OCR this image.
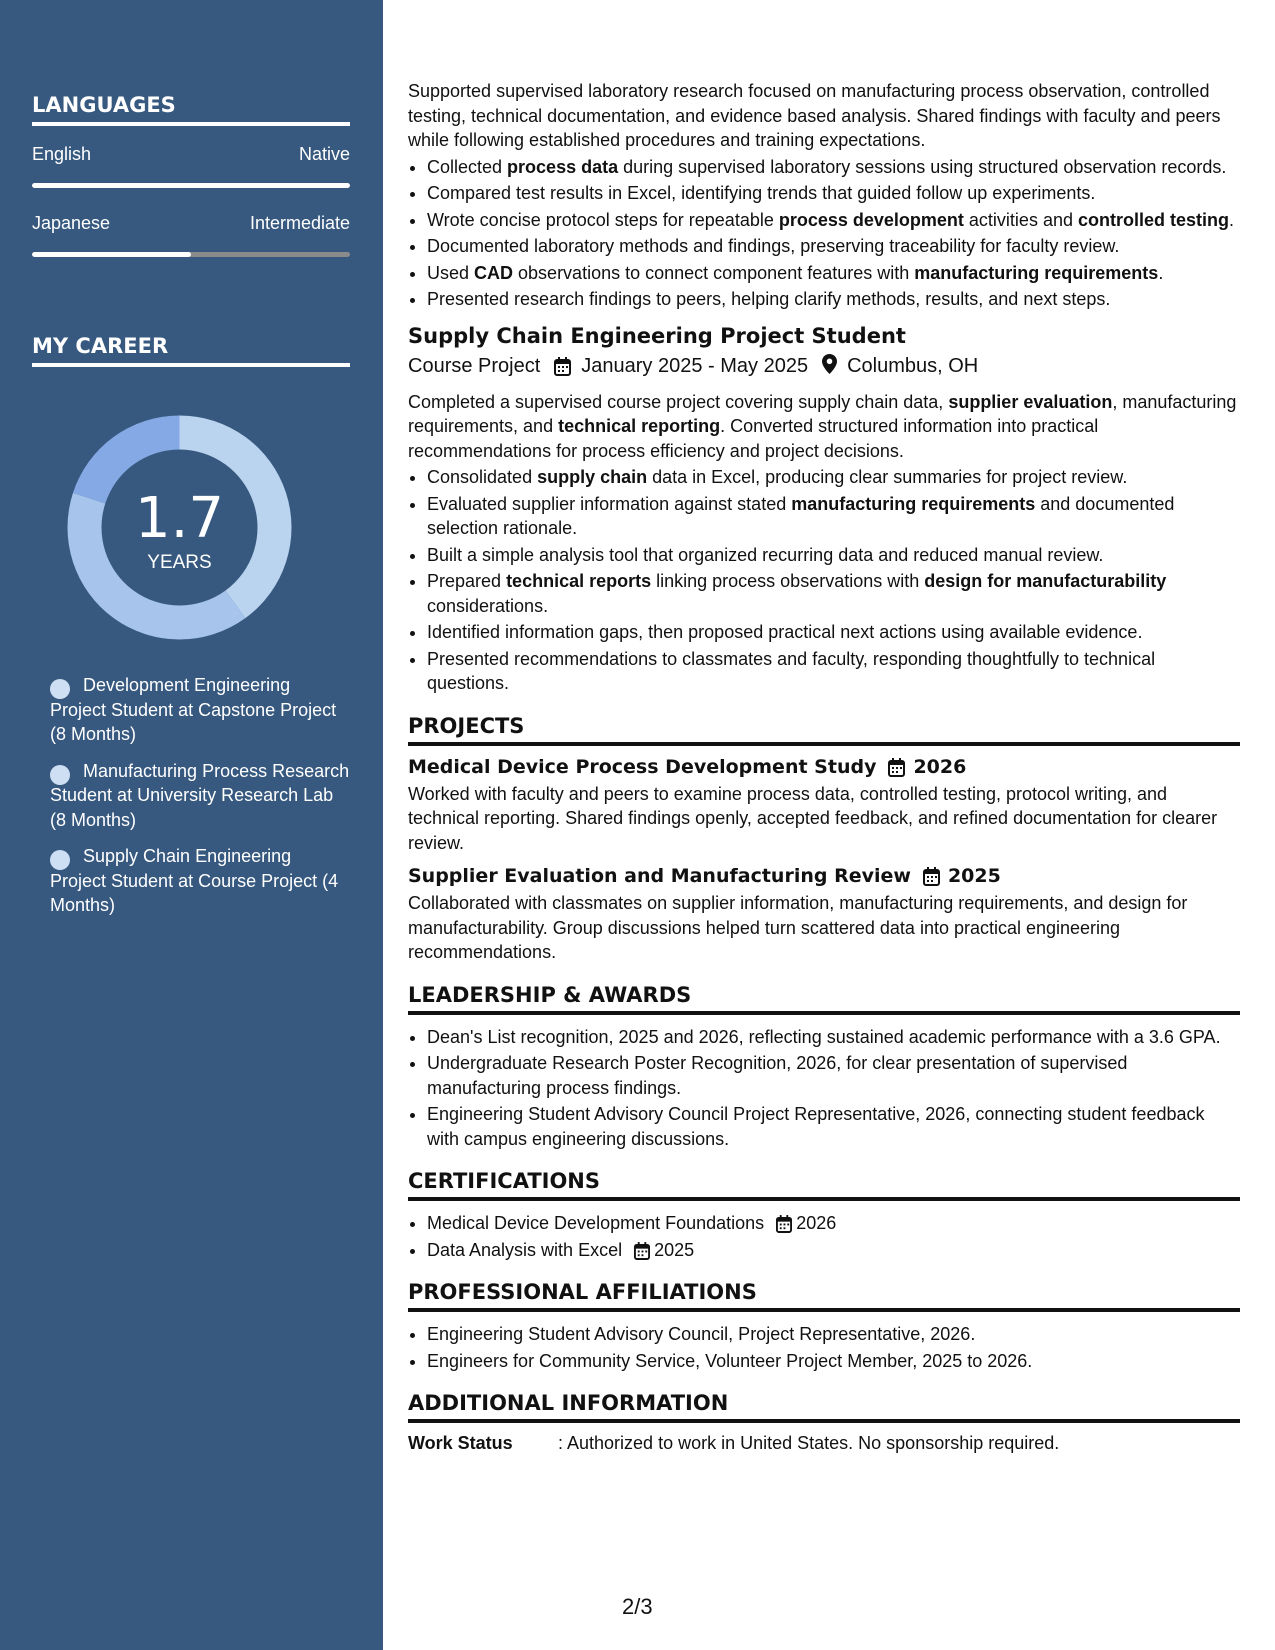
LANGUAGES
English	Native
Japanese	Intermediate
MY CAREER
1.7
YEARS
Development Engineering Project Student at Capstone Project (8 Months)
Manufacturing Process Research Student at University Research Lab (8 Months)
Supply Chain Engineering Project Student at Course Project (4 Months)

Supported supervised laboratory research focused on manufacturing process observation, controlled testing, technical documentation, and evidence based analysis. Shared findings with faculty and peers while following established procedures and training expectations.

• Collected process data during supervised laboratory sessions using structured observation records.
• Compared test results in Excel, identifying trends that guided follow up experiments.
• Wrote concise protocol steps for repeatable process development activities and controlled testing.
• Documented laboratory methods and findings, preserving traceability for faculty review.
• Used CAD observations to connect component features with manufacturing requirements.
• Presented research findings to peers, helping clarify methods, results, and next steps.
Supply Chain Engineering Project Student
Course Project January 2025 - May 2025 Columbus, OH

Completed a supervised course project covering supply chain data, supplier evaluation, manufacturing requirements, and technical reporting. Converted structured information into practical recommendations for process efficiency and project decisions.

• Consolidated supply chain data in Excel, producing clear summaries for project review.
• Evaluated supplier information against stated manufacturing requirements and documented selection rationale.
• Built a simple analysis tool that organized recurring data and reduced manual review.
• Prepared technical reports linking process observations with design for manufacturability considerations.
• Identified information gaps, then proposed practical next actions using available evidence.
• Presented recommendations to classmates and faculty, responding thoughtfully to technical questions.
PROJECTS
Medical Device Process Development Study 2026

Worked with faculty and peers to examine process data, controlled testing, protocol writing, and technical reporting. Shared findings openly, accepted feedback, and refined documentation for clearer review.

Supplier Evaluation and Manufacturing Review 2025

Collaborated with classmates on supplier information, manufacturing requirements, and design for manufacturability. Group discussions helped turn scattered data into practical engineering recommendations.

LEADERSHIP & AWARDS
• Dean's List recognition, 2025 and 2026, reflecting sustained academic performance with a 3.6 GPA.
• Undergraduate Research Poster Recognition, 2026, for clear presentation of supervised manufacturing process findings.
• Engineering Student Advisory Council Project Representative, 2026, connecting student feedback with campus engineering discussions.
CERTIFICATIONS
• Medical Device Development Foundations 2026
• Data Analysis with Excel 2025
PROFESSIONAL AFFILIATIONS
• Engineering Student Advisory Council, Project Representative, 2026.
• Engineers for Community Service, Volunteer Project Member, 2025 to 2026.
ADDITIONAL INFORMATION
Work Status	: Authorized to work in United States. No sponsorship required.
2/3
